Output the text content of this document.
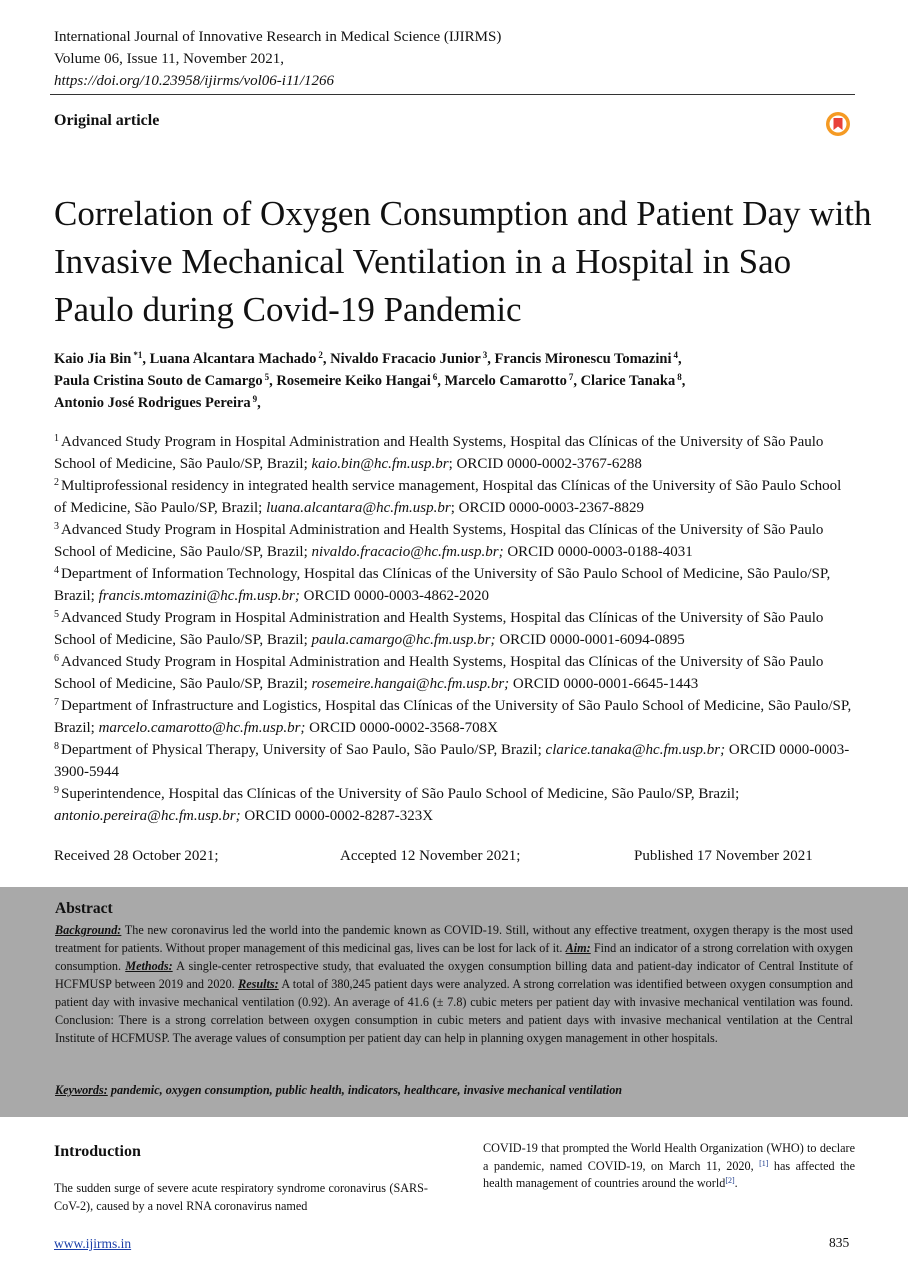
International Journal of Innovative Research in Medical Science (IJIRMS)
Volume 06, Issue 11, November 2021,
https://doi.org/10.23958/ijirms/vol06-i11/1266
Original article
Correlation of Oxygen Consumption and Patient Day with Invasive Mechanical Ventilation in a Hospital in Sao Paulo during Covid-19 Pandemic
Kaio Jia Bin $^{*1}$, Luana Alcantara Machado $^2$, Nivaldo Fracacio Junior $^3$, Francis Mironescu Tomazini $^4$,
Paula Cristina Souto de Camargo $^5$, Rosemeire Keiko Hangai $^6$, Marcelo Camarotto $^7$, Clarice Tanaka $^8$,
Antonio José Rodrigues Pereira $^9$,
$^1$ Advanced Study Program in Hospital Administration and Health Systems, Hospital das Clínicas of the University of São Paulo School of Medicine, São Paulo/SP, Brazil; kaio.bin@hc.fm.usp.br; ORCID 0000-0002-3767-6288
$^2$ Multiprofessional residency in integrated health service management, Hospital das Clínicas of the University of São Paulo School of Medicine, São Paulo/SP, Brazil; luana.alcantara@hc.fm.usp.br; ORCID 0000-0003-2367-8829
$^3$ Advanced Study Program in Hospital Administration and Health Systems, Hospital das Clínicas of the University of São Paulo School of Medicine, São Paulo/SP, Brazil; nivaldo.fracacio@hc.fm.usp.br; ORCID 0000-0003-0188-4031
$^4$ Department of Information Technology, Hospital das Clínicas of the University of São Paulo School of Medicine, São Paulo/SP, Brazil; francis.mtomazini@hc.fm.usp.br; ORCID 0000-0003-4862-2020
$^5$ Advanced Study Program in Hospital Administration and Health Systems, Hospital das Clínicas of the University of São Paulo School of Medicine, São Paulo/SP, Brazil; paula.camargo@hc.fm.usp.br; ORCID 0000-0001-6094-0895
$^6$ Advanced Study Program in Hospital Administration and Health Systems, Hospital das Clínicas of the University of São Paulo School of Medicine, São Paulo/SP, Brazil; rosemeire.hangai@hc.fm.usp.br; ORCID 0000-0001-6645-1443
$^7$ Department of Infrastructure and Logistics, Hospital das Clínicas of the University of São Paulo School of Medicine, São Paulo/SP, Brazil; marcelo.camarotto@hc.fm.usp.br; ORCID 0000-0002-3568-708X
$^8$ Department of Physical Therapy, University of Sao Paulo, São Paulo/SP, Brazil; clarice.tanaka@hc.fm.usp.br; ORCID 0000-0003-3900-5944
$^9$ Superintendence, Hospital das Clínicas of the University of São Paulo School of Medicine, São Paulo/SP, Brazil; antonio.pereira@hc.fm.usp.br; ORCID 0000-0002-8287-323X
Received 28 October 2021;	Accepted 12 November 2021;	Published 17 November 2021
Abstract

Background: The new coronavirus led the world into the pandemic known as COVID-19. Still, without any effective treatment, oxygen therapy is the most used treatment for patients. Without proper management of this medicinal gas, lives can be lost for lack of it. Aim: Find an indicator of a strong correlation with oxygen consumption. Methods: A single-center retrospective study, that evaluated the oxygen consumption billing data and patient-day indicator of Central Institute of HCFMUSP between 2019 and 2020. Results: A total of 380,245 patient days were analyzed. A strong correlation was identified between oxygen consumption and patient day with invasive mechanical ventilation (0.92). An average of 41.6 (± 7.8) cubic meters per patient day with invasive mechanical ventilation was found. Conclusion: There is a strong correlation between oxygen consumption in cubic meters and patient days with invasive mechanical ventilation at the Central Institute of HCFMUSP. The average values of consumption per patient day can help in planning oxygen management in other hospitals.

Keywords: pandemic, oxygen consumption, public health, indicators, healthcare, invasive mechanical ventilation
Introduction
The sudden surge of severe acute respiratory syndrome coronavirus (SARS-CoV-2), caused by a novel RNA coronavirus named
COVID-19 that prompted the World Health Organization (WHO) to declare a pandemic, named COVID-19, on March 11, 2020, [1] has affected the health management of countries around the world[2].
www.ijirms.in	835
